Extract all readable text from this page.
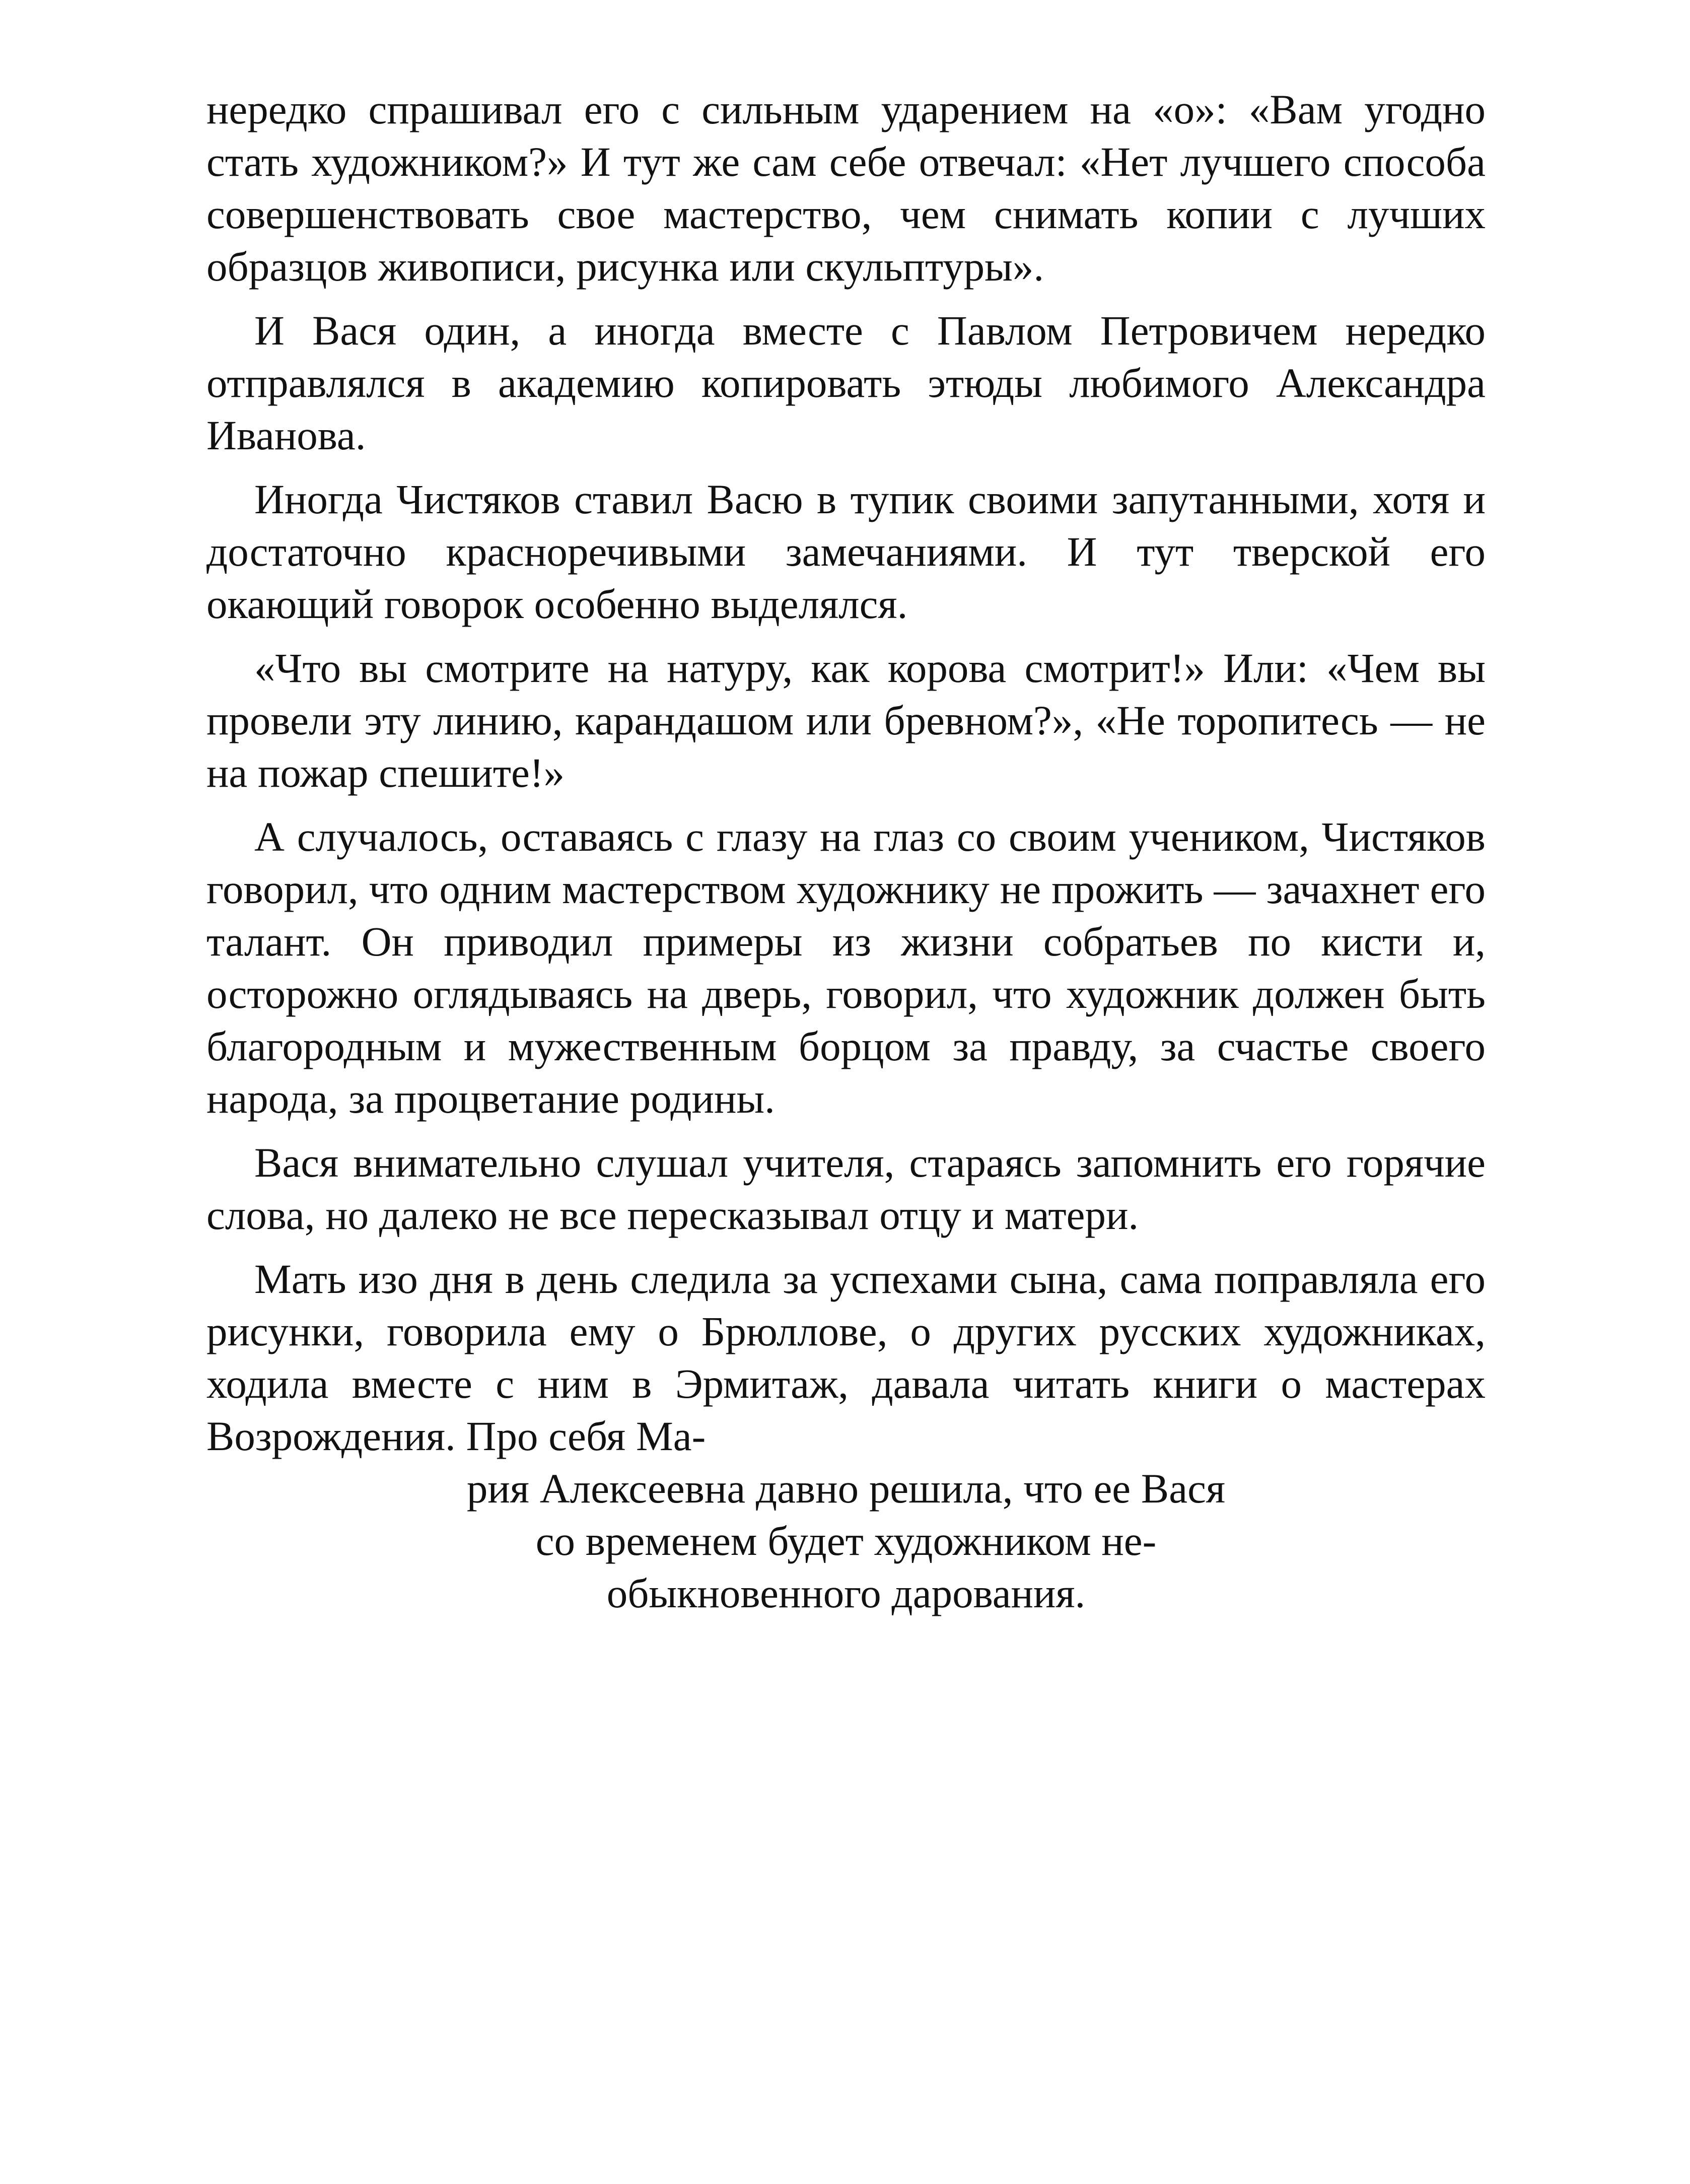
нередко спрашивал его с сильным ударением на «о»: «Вам угодно стать художником?» И тут же сам себе отвечал: «Нет лучшего способа совершенствовать свое мастерство, чем снимать копии с лучших образцов живописи, рисунка или скульптуры».

И Вася один, а иногда вместе с Павлом Петровичем нередко отправлялся в академию копировать этюды любимого Александра Иванова.

Иногда Чистяков ставил Васю в тупик своими запутанными, хотя и достаточно красноречивыми замечаниями. И тут тверской его окающий говорок особенно выделялся.

«Что вы смотрите на натуру, как корова смотрит!» Или: «Чем вы провели эту линию, карандашом или бревном?», «Не торопитесь — не на пожар спешите!»

А случалось, оставаясь с глазу на глаз со своим учеником, Чистяков говорил, что одним мастерством художнику не прожить — зачахнет его талант. Он приводил примеры из жизни собратьев по кисти и, осторожно оглядываясь на дверь, говорил, что художник должен быть благородным и мужественным борцом за правду, за счастье своего народа, за процветание родины.

Вася внимательно слушал учителя, стараясь запомнить его горячие слова, но далеко не все пересказывал отцу и матери.

Мать изо дня в день следила за успехами сына, сама поправляла его рисунки, говорила ему о Брюллове, о других русских художниках, ходила вместе с ним в Эрмитаж, давала читать книги о мастерах Возрождения. Про себя Ма-

рия Алексеевна давно решила, что ее Вася
со временем будет художником не-
обыкновенного дарования.
